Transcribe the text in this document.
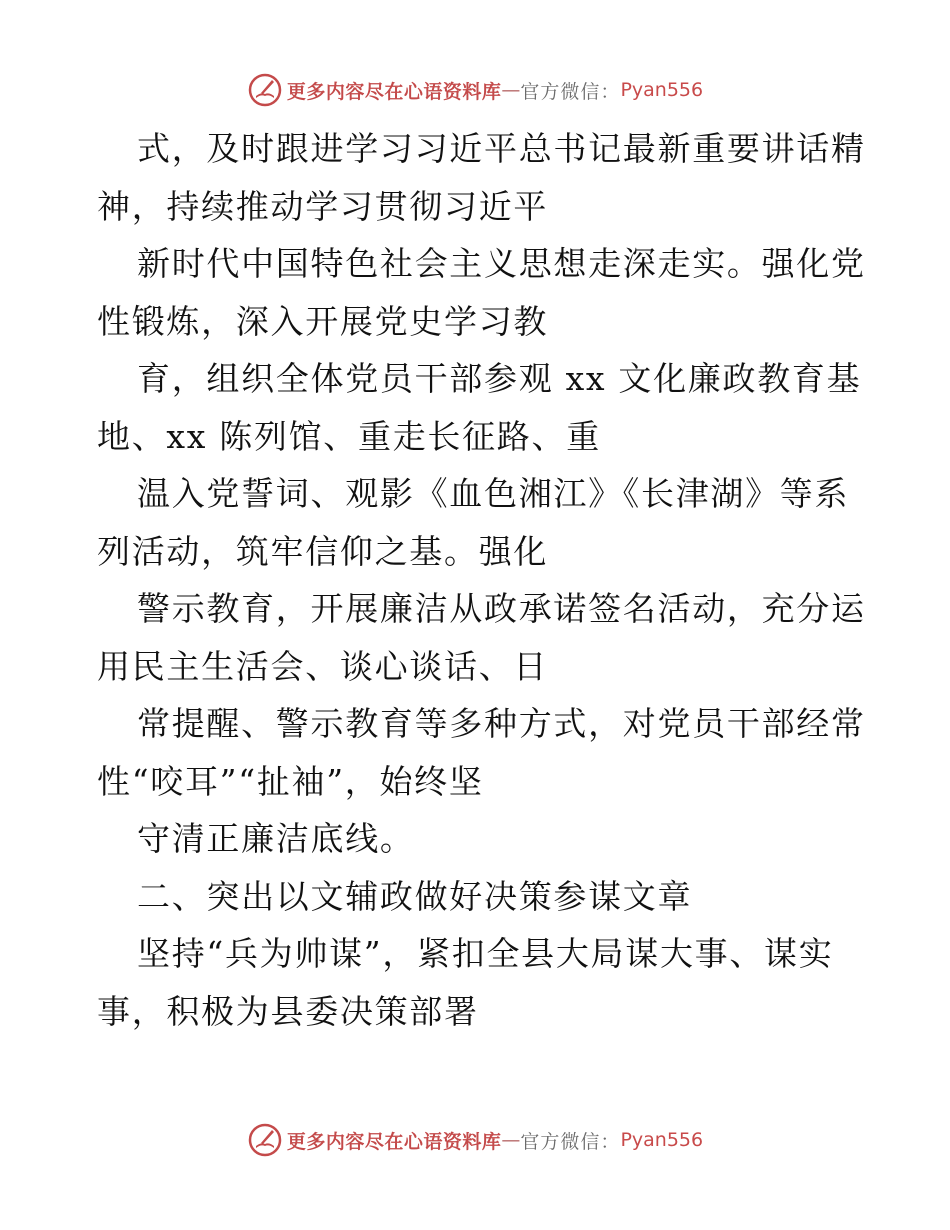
更多内容尽在心语资料库 — 官方微信： Pyan556
式，及时跟进学习习近平总书记最新重要讲话精
神，持续推动学习贯彻习近平
新时代中国特色社会主义思想走深走实。强化党
性锻炼，深入开展党史学习教
育，组织全体党员干部参观 xx 文化廉政教育基
地、xx 陈列馆、重走长征路、重
温入党誓词、观影《血色湘江》《长津湖》等系
列活动，筑牢信仰之基。强化
警示教育，开展廉洁从政承诺签名活动，充分运
用民主生活会、谈心谈话、日
常提醒、警示教育等多种方式，对党员干部经常
性“咬耳”“扯袖”，始终坚
守清正廉洁底线。
二、突出以文辅政做好决策参谋文章
坚持“兵为帅谋”，紧扣全县大局谋大事、谋实
事，积极为县委决策部署
更多内容尽在心语资料库 — 官方微信： Pyan556
